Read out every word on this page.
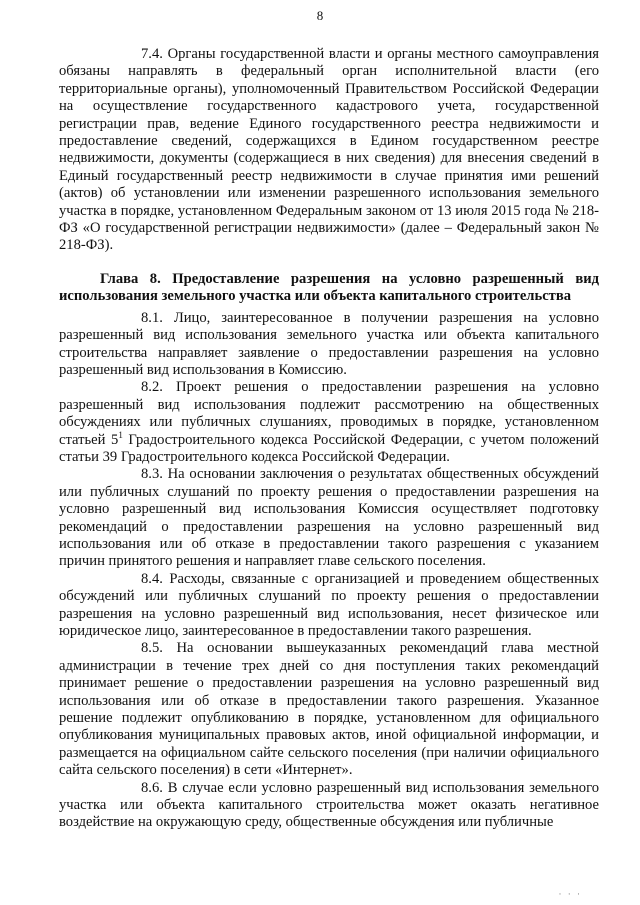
8

7.4. Органы государственной власти и органы местного самоуправления обязаны направлять в федеральный орган исполнительной власти (его территориальные органы), уполномоченный Правительством Российской Федерации на осуществление государственного кадастрового учета, государственной регистрации прав, ведение Единого государственного реестра недвижимости и предоставление сведений, содержащихся в Едином государственном реестре недвижимости, документы (содержащиеся в них сведения) для внесения сведений в Единый государственный реестр недвижимости в случае принятия ими решений (актов) об установлении или изменении разрешенного использования земельного участка в порядке, установленном Федеральным законом от 13 июля 2015 года № 218-ФЗ «О государственной регистрации недвижимости» (далее – Федеральный закон № 218-ФЗ).

Глава 8. Предоставление разрешения на условно разрешенный вид использования земельного участка или объекта капитального строительства

8.1. Лицо, заинтересованное в получении разрешения на условно разрешенный вид использования земельного участка или объекта капитального строительства направляет заявление о предоставлении разрешения на условно разрешенный вид использования в Комиссию.

8.2. Проект решения о предоставлении разрешения на условно разрешенный вид использования подлежит рассмотрению на общественных обсуждениях или публичных слушаниях, проводимых в порядке, установленном статьей $5^1$ Градостроительного кодекса Российской Федерации, с учетом положений статьи 39 Градостроительного кодекса Российской Федерации.

8.3. На основании заключения о результатах общественных обсуждений или публичных слушаний по проекту решения о предоставлении разрешения на условно разрешенный вид использования Комиссия осуществляет подготовку рекомендаций о предоставлении разрешения на условно разрешенный вид использования или об отказе в предоставлении такого разрешения с указанием причин принятого решения и направляет главе сельского поселения.

8.4. Расходы, связанные с организацией и проведением общественных обсуждений или публичных слушаний по проекту решения о предоставлении разрешения на условно разрешенный вид использования, несет физическое или юридическое лицо, заинтересованное в предоставлении такого разрешения.

8.5. На основании вышеуказанных рекомендаций глава местной администрации в течение трех дней со дня поступления таких рекомендаций принимает решение о предоставлении разрешения на условно разрешенный вид использования или об отказе в предоставлении такого разрешения. Указанное решение подлежит опубликованию в порядке, установленном для официального опубликования муниципальных правовых актов, иной официальной информации, и размещается на официальном сайте сельского поселения (при наличии официального сайта сельского поселения) в сети «Интернет».

8.6. В случае если условно разрешенный вид использования земельного участка или объекта капитального строительства может оказать негативное воздействие на окружающую среду, общественные обсуждения или публичные

· · ·
